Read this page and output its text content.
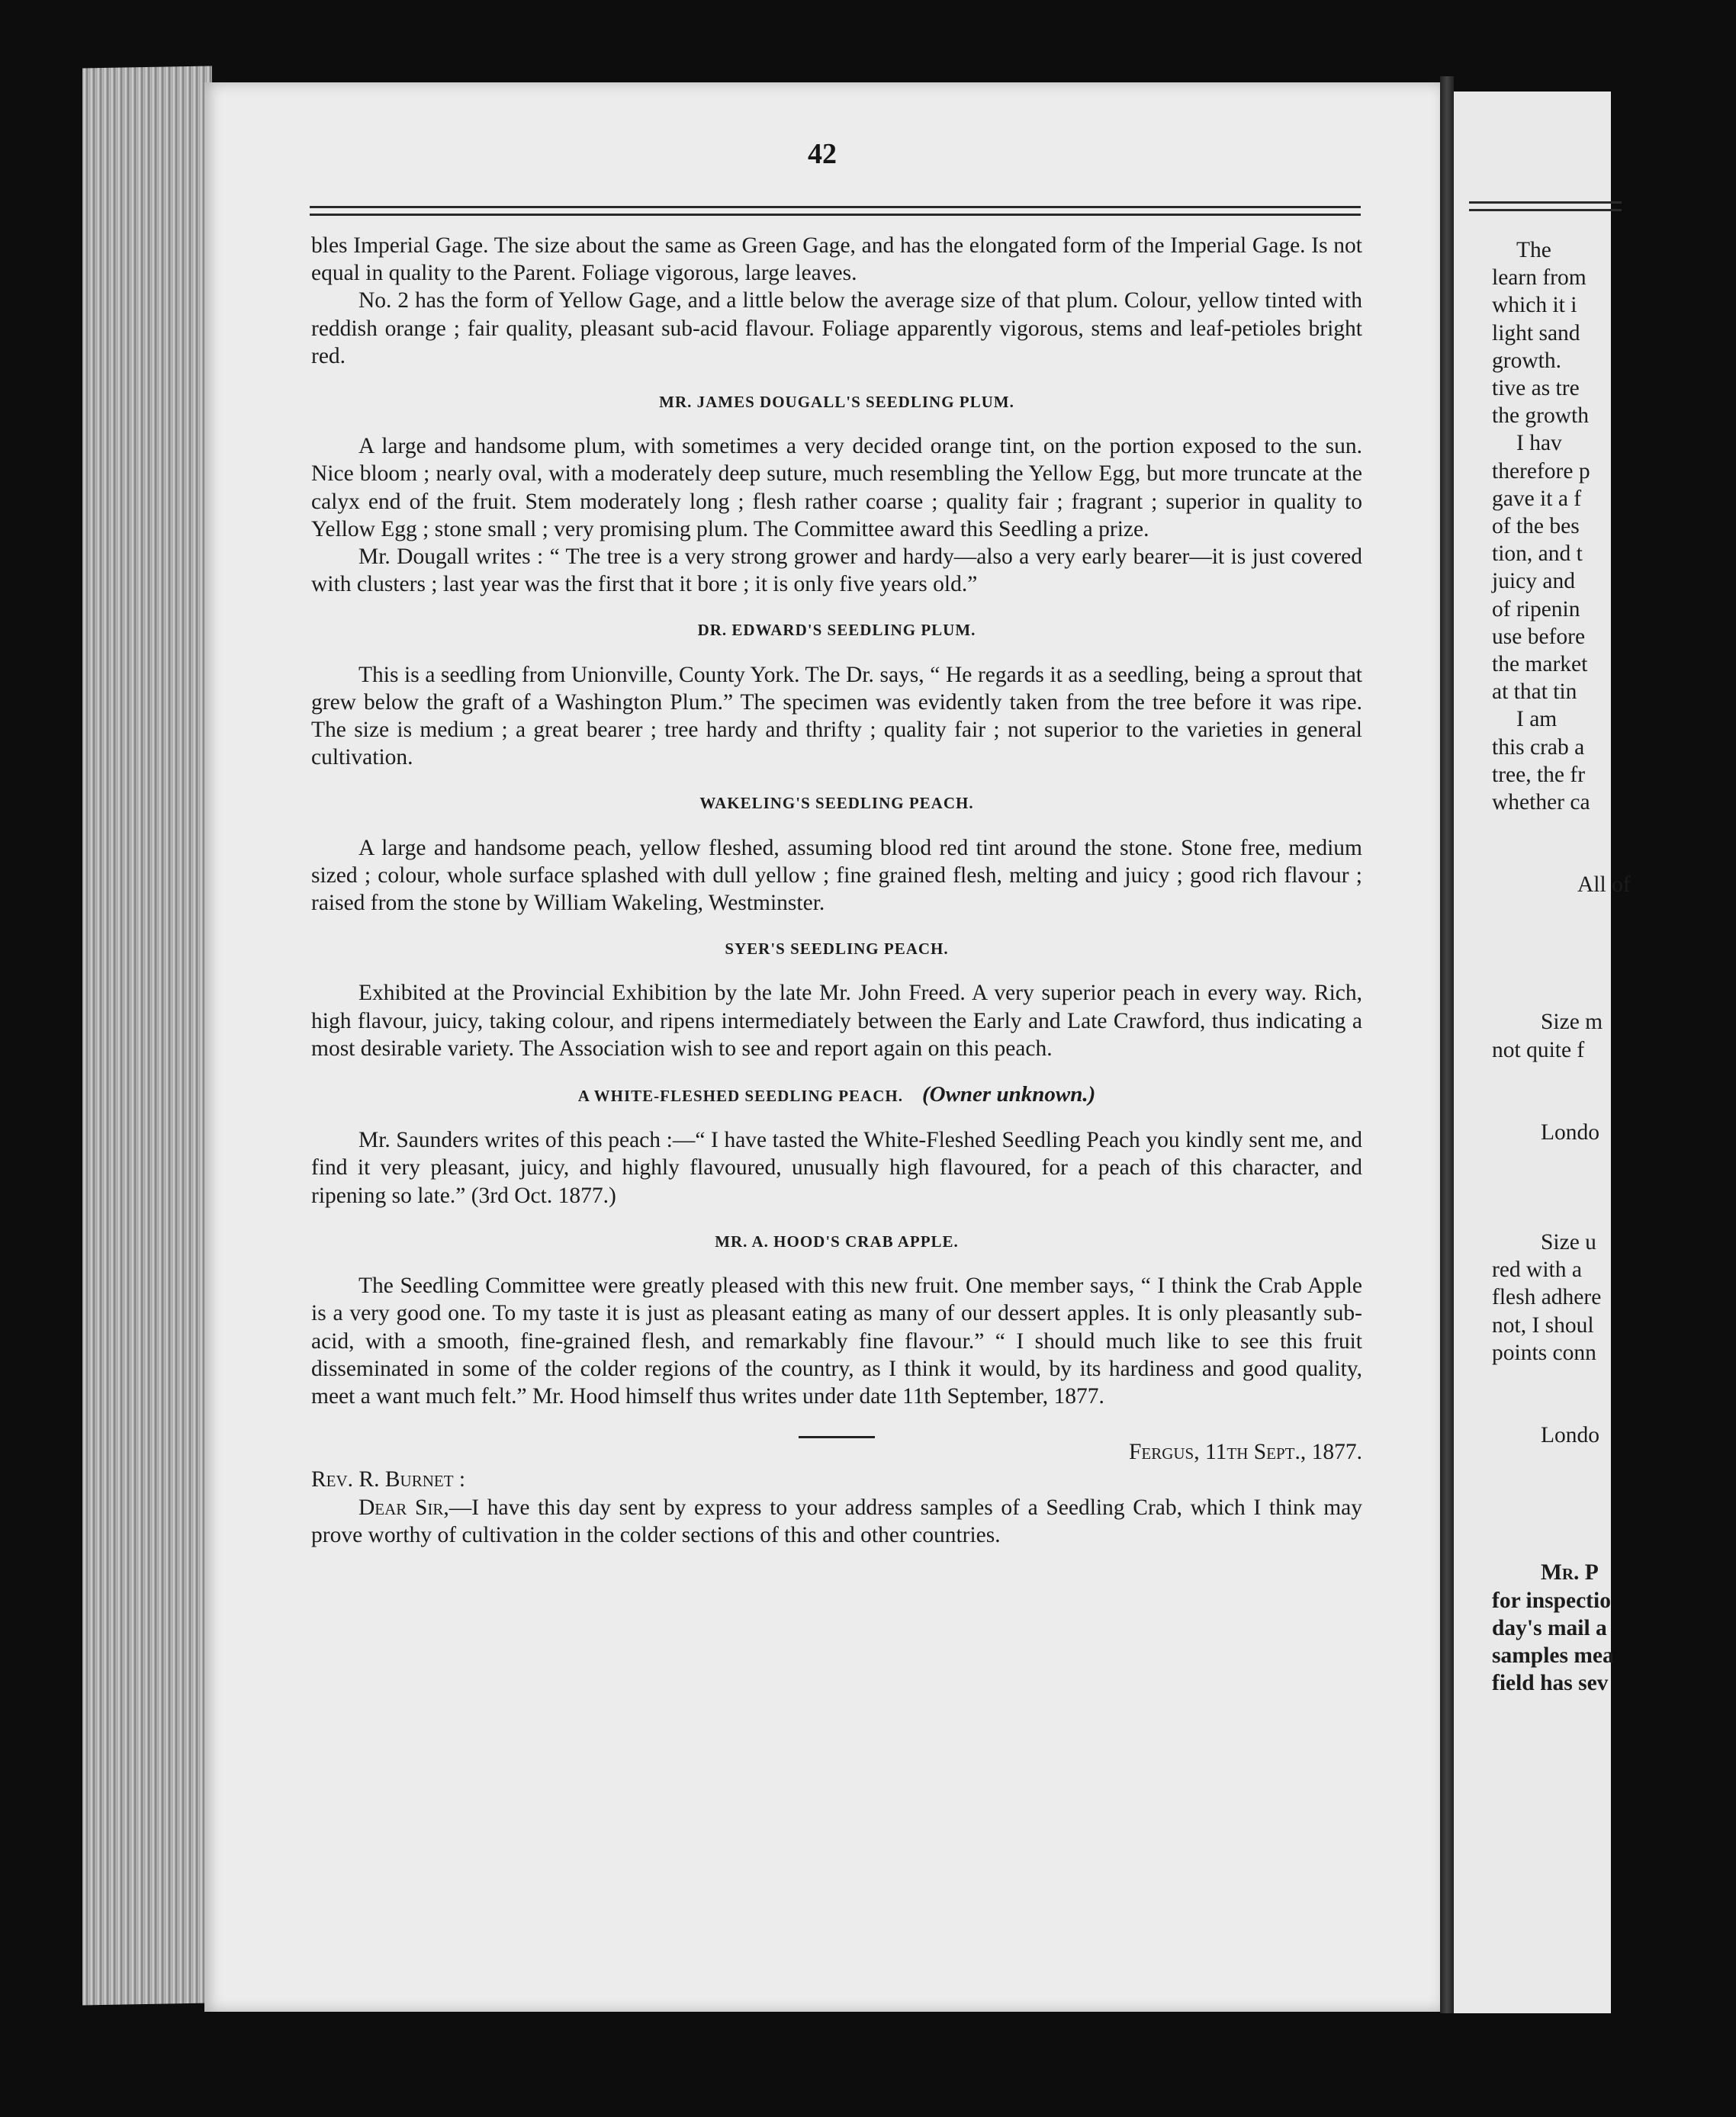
42

bles Imperial Gage. The size about the same as Green Gage, and has the elongated form of the Imperial Gage. Is not equal in quality to the Parent. Foliage vigorous, large leaves.

No. 2 has the form of Yellow Gage, and a little below the average size of that plum. Colour, yellow tinted with reddish orange ; fair quality, pleasant sub-acid flavour. Foliage apparently vigorous, stems and leaf-petioles bright red.

MR. JAMES DOUGALL'S SEEDLING PLUM.

A large and handsome plum, with sometimes a very decided orange tint, on the portion exposed to the sun. Nice bloom ; nearly oval, with a moderately deep suture, much resembling the Yellow Egg, but more truncate at the calyx end of the fruit. Stem moderately long ; flesh rather coarse ; quality fair ; fragrant ; superior in quality to Yellow Egg ; stone small ; very promising plum. The Committee award this Seedling a prize.

Mr. Dougall writes : “ The tree is a very strong grower and hardy—also a very early bearer—it is just covered with clusters ; last year was the first that it bore ; it is only five years old.”

DR. EDWARD'S SEEDLING PLUM.

This is a seedling from Unionville, County York. The Dr. says, “ He regards it as a seedling, being a sprout that grew below the graft of a Washington Plum.” The specimen was evidently taken from the tree before it was ripe. The size is medium ; a great bearer ; tree hardy and thrifty ; quality fair ; not superior to the varieties in general cultivation.

WAKELING'S SEEDLING PEACH.

A large and handsome peach, yellow fleshed, assuming blood red tint around the stone. Stone free, medium sized ; colour, whole surface splashed with dull yellow ; fine grained flesh, melting and juicy ; good rich flavour ; raised from the stone by William Wakeling, Westminster.

SYER'S SEEDLING PEACH.

Exhibited at the Provincial Exhibition by the late Mr. John Freed. A very superior peach in every way. Rich, high flavour, juicy, taking colour, and ripens intermediately between the Early and Late Crawford, thus indicating a most desirable variety. The Association wish to see and report again on this peach.

A WHITE-FLESHED SEEDLING PEACH. (Owner unknown.)

Mr. Saunders writes of this peach :—“ I have tasted the White-Fleshed Seedling Peach you kindly sent me, and find it very pleasant, juicy, and highly flavoured, unusually high flavoured, for a peach of this character, and ripening so late.” (3rd Oct. 1877.)

MR. A. HOOD'S CRAB APPLE.

The Seedling Committee were greatly pleased with this new fruit. One member says, “ I think the Crab Apple is a very good one. To my taste it is just as pleasant eating as many of our dessert apples. It is only pleasantly sub-acid, with a smooth, fine-grained flesh, and remarkably fine flavour.” “ I should much like to see this fruit disseminated in some of the colder regions of the country, as I think it would, by its hardiness and good quality, meet a want much felt.” Mr. Hood himself thus writes under date 11th September, 1877.

Fergus, 11th Sept., 1877.

Rev. R. Burnet :

Dear Sir,—I have this day sent by express to your address samples of a Seedling Crab, which I think may prove worthy of cultivation in the colder sections of this and other countries.

The
learn from
which it i
light sand
growth.
tive as tre
the growth
I hav
therefore p
gave it a f
of the bes
tion, and t
juicy and
of ripenin
use before
the market
at that tin
I am
this crab a
tree, the fr
whether ca
All of
Size m
not quite f
Londo
Size u
red with a
flesh adhere
not, I shoul
points conn
Londo
Mr. P
for inspectio
day's mail a
samples mea
field has sev
